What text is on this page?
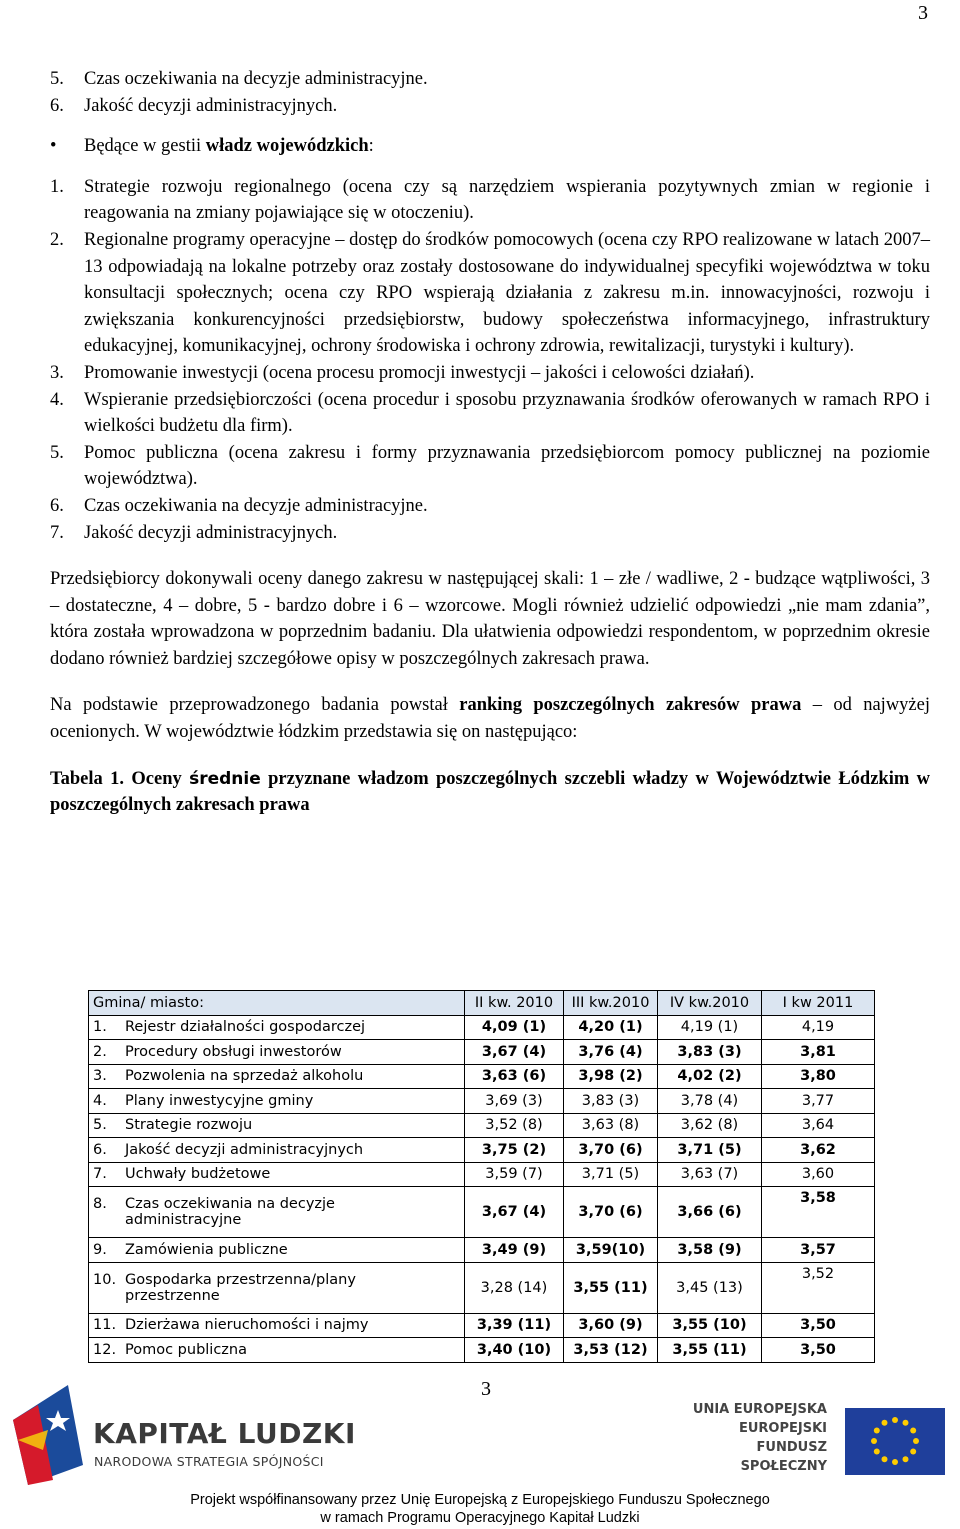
3
5.	Czas oczekiwania na decyzje administracyjne.
6.	Jakość decyzji administracyjnych.
•	Będące w gestii władz wojewódzkich:
1.	Strategie rozwoju regionalnego (ocena czy są narzędziem wspierania pozytywnych zmian w regionie i reagowania na zmiany pojawiające się w otoczeniu).
2.	Regionalne programy operacyjne – dostęp do środków pomocowych (ocena czy RPO realizowane w latach 2007–13 odpowiadają na lokalne potrzeby oraz zostały dostosowane do indywidualnej specyfiki województwa w toku konsultacji społecznych; ocena czy RPO wspierają działania z zakresu m.in. innowacyjności, rozwoju i zwiększania konkurencyjności przedsiębiorstw, budowy społeczeństwa informacyjnego, infrastruktury edukacyjnej, komunikacyjnej, ochrony środowiska i ochrony zdrowia, rewitalizacji, turystyki i kultury).
3.	Promowanie inwestycji (ocena procesu promocji inwestycji – jakości i celowości działań).
4.	Wspieranie przedsiębiorczości (ocena procedur i sposobu przyznawania środków oferowanych w ramach RPO i wielkości budżetu dla firm).
5.	Pomoc publiczna (ocena zakresu i formy przyznawania przedsiębiorcom pomocy publicznej na poziomie województwa).
6.	Czas oczekiwania na decyzje administracyjne.
7.	Jakość decyzji administracyjnych.

Przedsiębiorcy dokonywali oceny danego zakresu w następującej skali: 1 – złe / wadliwe, 2 - budzące wątpliwości, 3 – dostateczne, 4 – dobre, 5 - bardzo dobre i 6 – wzorcowe. Mogli również udzielić odpowiedzi „nie mam zdania”, która została wprowadzona w poprzednim badaniu. Dla ułatwienia odpowiedzi respondentom, w poprzednim okresie dodano również bardziej szczegółowe opisy w poszczególnych zakresach prawa.

Na podstawie przeprowadzonego badania powstał ranking poszczególnych zakresów prawa – od najwyżej ocenionych. W województwie łódzkim przedstawia się on następująco:

Tabela 1. Oceny średnie przyznane władzom poszczególnych szczebli władzy w Województwie Łódzkim w poszczególnych zakresach prawa
Gmina/ miasto:	II kw. 2010	III kw.2010	IV kw.2010	I kw 2011
1. Rejestr działalności gospodarczej	4,09 (1)	4,20 (1)	4,19 (1)	4,19
2. Procedury obsługi inwestorów	3,67 (4)	3,76 (4)	3,83 (3)	3,81
3. Pozwolenia na sprzedaż alkoholu	3,63 (6)	3,98 (2)	4,02 (2)	3,80
4. Plany inwestycyjne gminy	3,69 (3)	3,83 (3)	3,78 (4)	3,77
5. Strategie rozwoju	3,52 (8)	3,63 (8)	3,62 (8)	3,64
6. Jakość decyzji administracyjnych	3,75 (2)	3,70 (6)	3,71 (5)	3,62
7. Uchwały budżetowe	3,59 (7)	3,71 (5)	3,63 (7)	3,60
8. Czas oczekiwania na decyzje administracyjne	3,67 (4)	3,70 (6)	3,66 (6)	3,58
9. Zamówienia publiczne	3,49 (9)	3,59(10)	3,58 (9)	3,57
10. Gospodarka przestrzenna/plany przestrzenne	3,28 (14)	3,55 (11)	3,45 (13)	3,52
11. Dzierżawa nieruchomości i najmy	3,39 (11)	3,60 (9)	3,55 (10)	3,50
12. Pomoc publiczna	3,40 (10)	3,53 (12)	3,55 (11)	3,50
3
KAPITAŁ LUDZKI
NARODOWA STRATEGIA SPÓJNOŚCI
UNIA EUROPEJSKA
EUROPEJSKI
FUNDUSZ SPOŁECZNY
Projekt współfinansowany przez Unię Europejską z Europejskiego Funduszu Społecznego
w ramach Programu Operacyjnego Kapitał Ludzki
